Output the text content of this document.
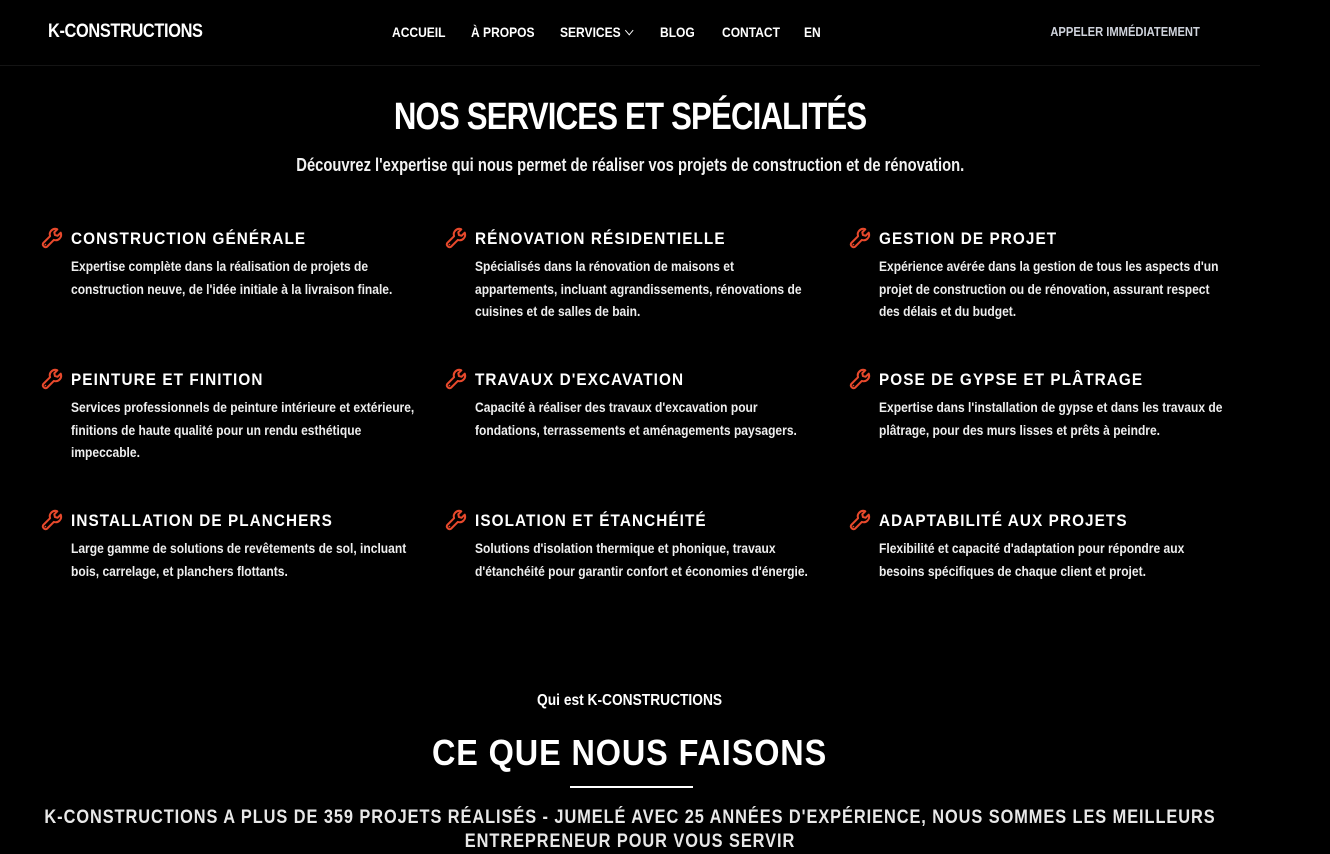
K-CONSTRUCTIONS	ACCUEIL À PROPOS SERVICES	BLOG CONTACT EN	APPELER IMMÉDIATEMENT
NOS SERVICES ET SPÉCIALITÉS
Découvrez l'expertise qui nous permet de réaliser vos projets de construction et de rénovation.
CONSTRUCTION GÉNÉRALE
Expertise complète dans la réalisation de projets de construction neuve, de l'idée initiale à la livraison finale.
RÉNOVATION RÉSIDENTIELLE
Spécialisés dans la rénovation de maisons et appartements, incluant agrandissements, rénovations de cuisines et de salles de bain.
GESTION DE PROJET
Expérience avérée dans la gestion de tous les aspects d'un projet de construction ou de rénovation, assurant respect des délais et du budget.
PEINTURE ET FINITION
Services professionnels de peinture intérieure et extérieure, finitions de haute qualité pour un rendu esthétique impeccable.
TRAVAUX D'EXCAVATION
Capacité à réaliser des travaux d'excavation pour fondations, terrassements et aménagements paysagers.
POSE DE GYPSE ET PLÂTRAGE
Expertise dans l'installation de gypse et dans les travaux de plâtrage, pour des murs lisses et prêts à peindre.
INSTALLATION DE PLANCHERS
Large gamme de solutions de revêtements de sol, incluant bois, carrelage, et planchers flottants.
ISOLATION ET ÉTANCHÉITÉ
Solutions d'isolation thermique et phonique, travaux d'étanchéité pour garantir confort et économies d'énergie.
ADAPTABILITÉ AUX PROJETS
Flexibilité et capacité d'adaptation pour répondre aux besoins spécifiques de chaque client et projet.
Qui est K-CONSTRUCTIONS
CE QUE NOUS FAISONS
K-CONSTRUCTIONS A PLUS DE 359 PROJETS RÉALISÉS - JUMELÉ AVEC 25 ANNÉES D'EXPÉRIENCE, NOUS SOMMES LES MEILLEURS ENTREPRENEUR POUR VOUS SERVIR
